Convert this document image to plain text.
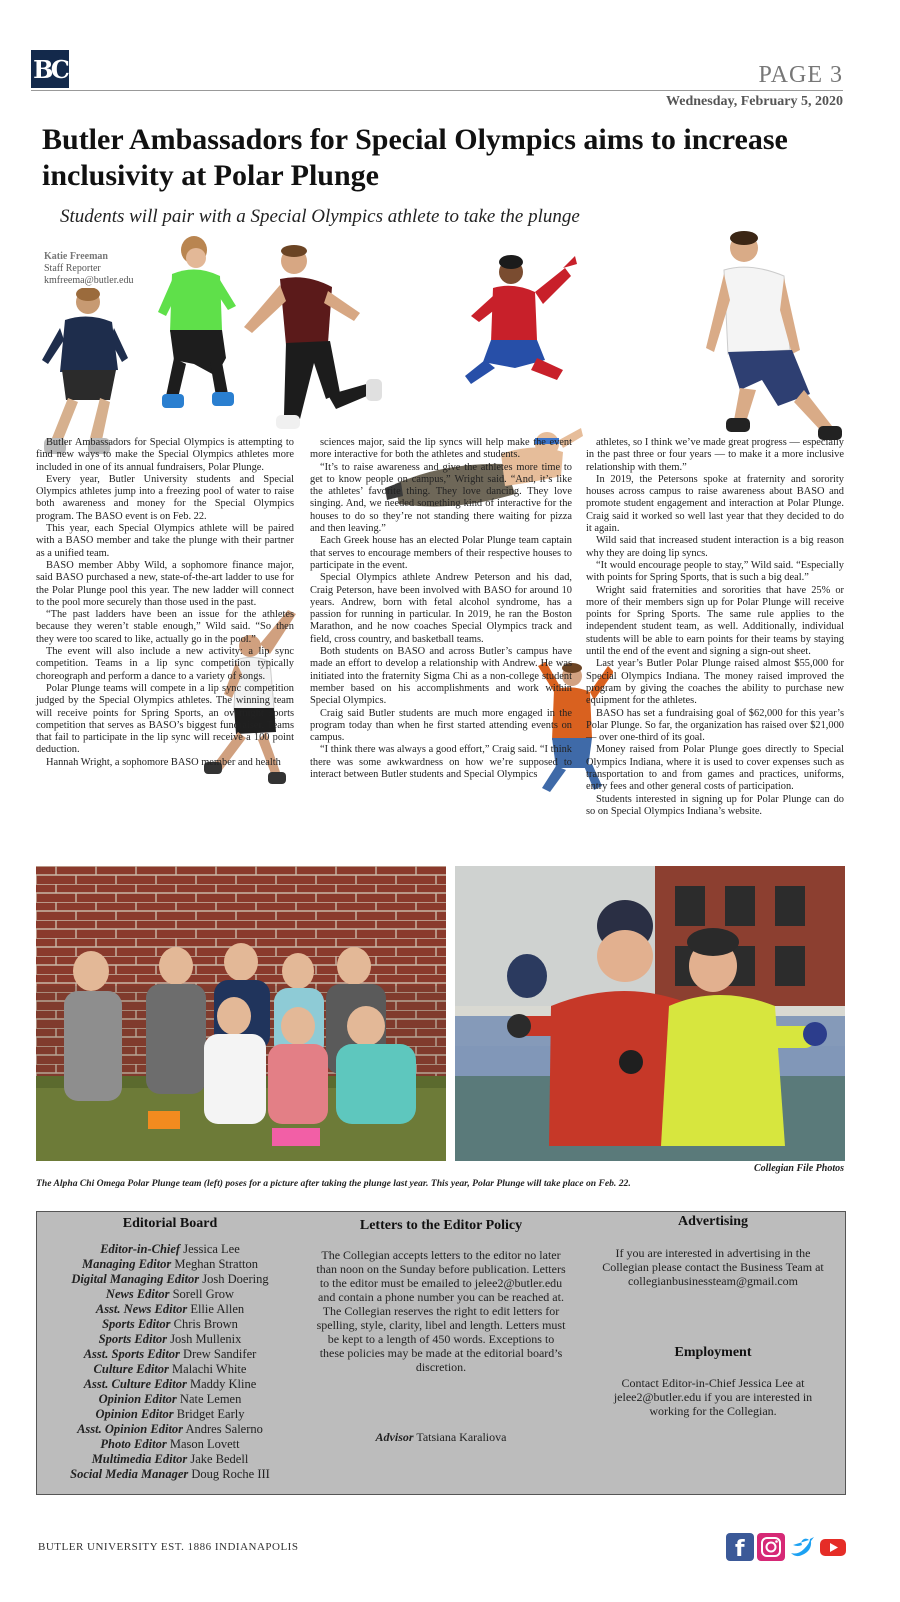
BC	PAGE 3
Wednesday, February 5, 2020
Butler Ambassadors for Special Olympics aims to increase inclusivity at Polar Plunge
Students will pair with a Special Olympics athlete to take the plunge
Katie Freeman
Staff Reporter
kmfreema@butler.edu

Butler Ambassadors for Special Olympics is attempting to find new ways to make the Special Olympics athletes more included in one of its annual fundraisers, Polar Plunge.

Every year, Butler University students and Special Olympics athletes jump into a freezing pool of water to raise both awareness and money for the Special Olympics program. The BASO event is on Feb. 22.

This year, each Special Olympics athlete will be paired with a BASO member and take the plunge with their partner as a unified team.

BASO member Abby Wild, a sophomore finance major, said BASO purchased a new, state-of-the-art ladder to use for the Polar Plunge pool this year. The new ladder will connect to the pool more securely than those used in the past.

“The past ladders have been an issue for the athletes because they weren’t stable enough,” Wild said. “So then they were too scared to like, actually go in the pool.”

The event will also include a new activity: a lip sync competition. Teams in a lip sync competition typically choreograph and perform a dance to a variety of songs.

Polar Plunge teams will compete in a lip sync competition judged by the Special Olympics athletes. The winning team will receive points for Spring Sports, an overnight sports competition that serves as BASO’s biggest fundraiser. Teams that fail to participate in the lip sync will receive a 100 point deduction.

Hannah Wright, a sophomore BASO member and health

sciences major, said the lip syncs will help make the event more interactive for both the athletes and students.

“It’s to raise awareness and give the athletes more time to get to know people on campus,” Wright said. “And, it’s like the athletes’ favorite thing. They love dancing. They love singing. And, we needed something kind of interactive for the houses to do so they’re not standing there waiting for pizza and then leaving.”

Each Greek house has an elected Polar Plunge team captain that serves to encourage members of their respective houses to participate in the event.

Special Olympics athlete Andrew Peterson and his dad, Craig Peterson, have been involved with BASO for around 10 years. Andrew, born with fetal alcohol syndrome, has a passion for running in particular. In 2019, he ran the Boston Marathon, and he now coaches Special Olympics track and field, cross country, and basketball teams.

Both students on BASO and across Butler’s campus have made an effort to develop a relationship with Andrew. He was initiated into the fraternity Sigma Chi as a non-college student member based on his accomplishments and work within Special Olympics.

Craig said Butler students are much more engaged in the program today than when he first started attending events on campus.

“I think there was always a good effort,” Craig said. “I think there was some awkwardness on how we’re supposed to interact between Butler students and Special Olympics

athletes, so I think we’ve made great progress — especially in the past three or four years — to make it a more inclusive relationship with them.”

In 2019, the Petersons spoke at fraternity and sorority houses across campus to raise awareness about BASO and promote student engagement and interaction at Polar Plunge. Craig said it worked so well last year that they decided to do it again.

Wild said that increased student interaction is a big reason why they are doing lip syncs.

“It would encourage people to stay,” Wild said. “Especially with points for Spring Sports, that is such a big deal.”

Wright said fraternities and sororities that have 25% or more of their members sign up for Polar Plunge will receive points for Spring Sports. The same rule applies to the independent student team, as well. Additionally, individual students will be able to earn points for their teams by staying until the end of the event and signing a sign-out sheet.

Last year’s Butler Polar Plunge raised almost $55,000 for Special Olympics Indiana. The money raised improved the program by giving the coaches the ability to purchase new equipment for the athletes.

BASO has set a fundraising goal of $62,000 for this year’s Polar Plunge. So far, the organization has raised over $21,000— over one-third of its goal.

Money raised from Polar Plunge goes directly to Special Olympics Indiana, where it is used to cover expenses such as transportation to and from games and practices, uniforms, entry fees and other general costs of participation.

Students interested in signing up for Polar Plunge can do so on Special Olympics Indiana’s website.

Collegian File Photos
The Alpha Chi Omega Polar Plunge team (left) poses for a picture after taking the plunge last year. This year, Polar Plunge will take place on Feb. 22.
Editorial Board
Editor-in-Chief Jessica Lee
Managing Editor Meghan Stratton
Digital Managing Editor Josh Doering
News Editor Sorell Grow
Asst. News Editor Ellie Allen
Sports Editor Chris Brown
Sports Editor Josh Mullenix
Asst. Sports Editor Drew Sandifer
Culture Editor Malachi White
Asst. Culture Editor Maddy Kline
Opinion Editor Nate Lemen
Opinion Editor Bridget Early
Asst. Opinion Editor Andres Salerno
Photo Editor Mason Lovett
Multimedia Editor Jake Bedell
Social Media Manager Doug Roche III
Letters to the Editor Policy
The Collegian accepts letters to the editor no later than noon on the Sunday before publication. Letters to the editor must be emailed to jelee2@butler.edu and contain a phone number you can be reached at. The Collegian reserves the right to edit letters for spelling, style, clarity, libel and length. Letters must be kept to a length of 450 words. Exceptions to these policies may be made at the editorial board’s discretion.
Advisor Tatsiana Karaliova
Advertising
If you are interested in advertising in the Collegian please contact the Business Team at collegianbusinessteam@gmail.com
Employment
Contact Editor-in-Chief Jessica Lee at jelee2@butler.edu if you are interested in working for the Collegian.
BUTLER UNIVERSITY EST. 1886 INDIANAPOLIS	f
